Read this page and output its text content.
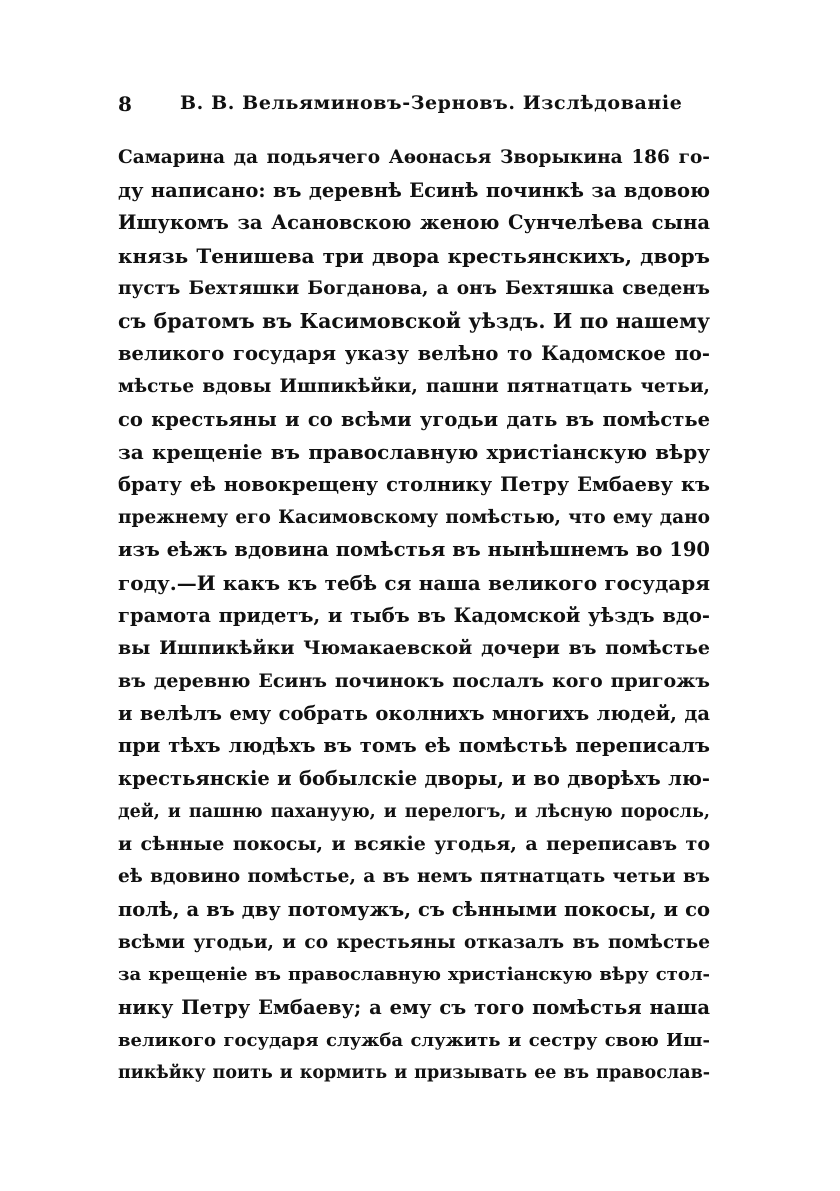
8	В. В. Вельяминовъ-Зерновъ. Изслѣдованiе
Самарина да подьячего Аѳонасья Зворыкина 186 го-
ду написано: въ деревнѣ Есинѣ починкѣ за вдовою
Ишукомъ за Асановскою женою Сунчелѣева сына
князь Тенишева три двора крестьянскихъ, дворъ
пустъ Бехтяшки Богданова, а онъ Бехтяшка сведенъ
съ братомъ въ Касимовской уѣздъ. И по нашему
великого государя указу велѣно то Кадомское по-
мѣстье вдовы Ишпикѣйки, пашни пятнатцать четьи,
со крестьяны и со всѣми угодьи дать въ помѣстье
за крещенiе въ православную христiанскую вѣру
брату еѣ новокрещену столнику Петру Ембаеву къ
прежнему его Касимовскому помѣстью, что ему дано
изъ еѣжъ вдовина помѣстья въ нынѣшнемъ во 190
году.—И какъ къ тебѣ ся наша великого государя
грамота придетъ, и тыбъ въ Кадомской уѣздъ вдо-
вы Ишпикѣйки Чюмакаевской дочери въ помѣстье
въ деревню Есинъ починокъ послалъ кого пригожъ
и велѣлъ ему собрать околнихъ многихъ людей, да
при тѣхъ людѣхъ въ томъ еѣ помѣстьѣ переписалъ
крестьянскiе и бобылскiе дворы, и во дворѣхъ лю-
дей, и пашню пахануую, и перелогъ, и лѣсную поросль,
и сѣнные покосы, и всякiе угодья, а переписавъ то
еѣ вдовино помѣстье, а въ немъ пятнатцать четьи въ
полѣ, а въ дву потомужъ, съ сѣнными покосы, и со
всѣми угодьи, и со крестьяны отказалъ въ помѣстье
за крещенiе въ православную христiанскую вѣру стол-
нику Петру Ембаеву; а ему съ того помѣстья наша
великого государя служба служить и сестру свою Иш-
пикѣйку поить и кормить и призывать ее въ православ-
